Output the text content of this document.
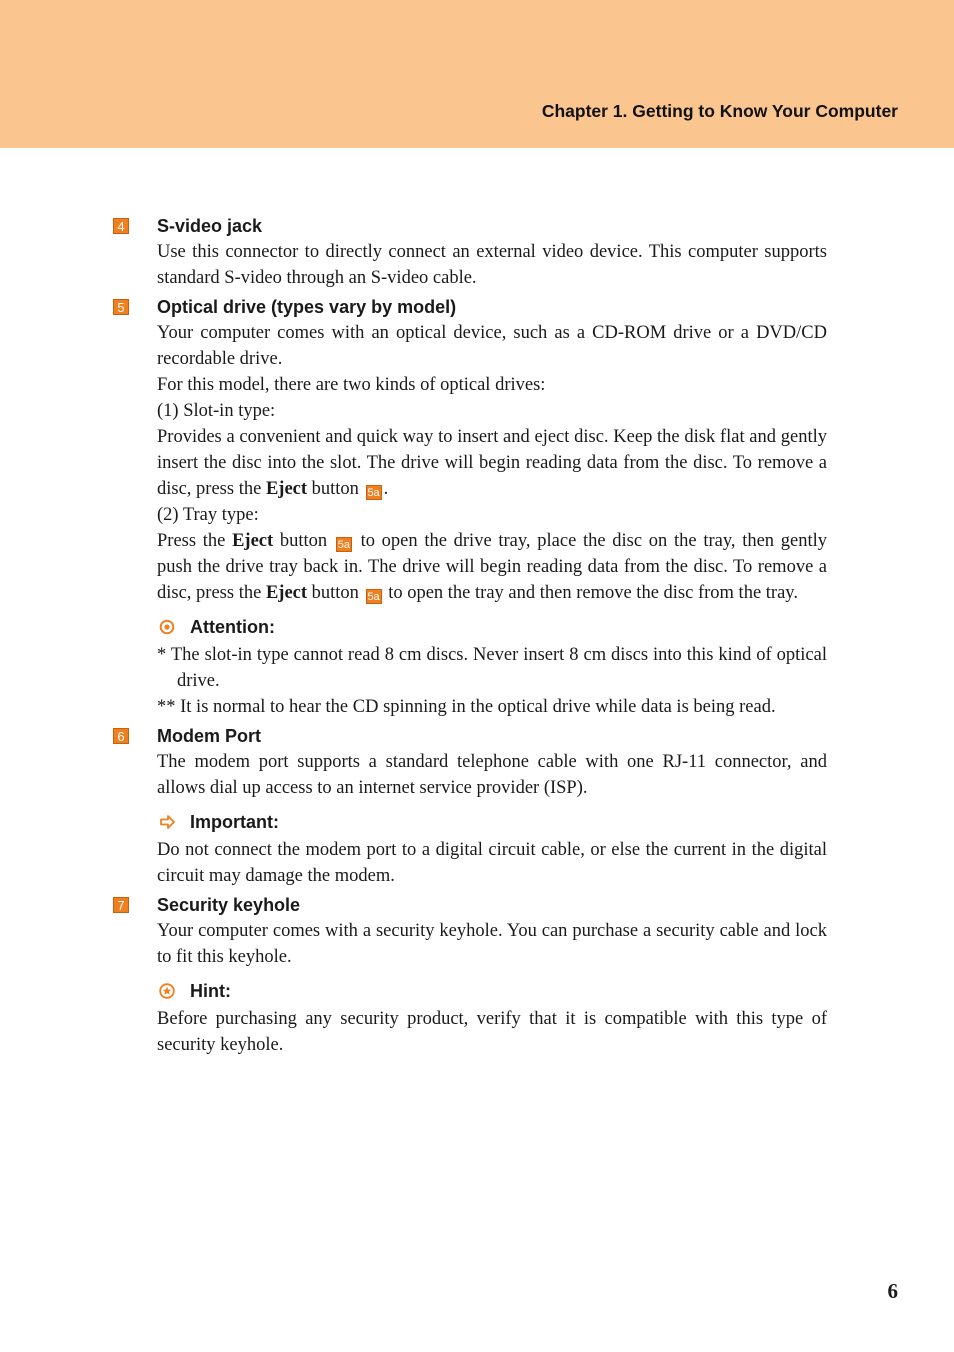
Chapter 1. Getting to Know Your Computer
4 S-video jack

Use this connector to directly connect an external video device. This computer supports standard S-video through an S-video cable.

5 Optical drive (types vary by model)

Your computer comes with an optical device, such as a CD-ROM drive or a DVD/CD recordable drive.

For this model, there are two kinds of optical drives:

(1) Slot-in type:

Provides a convenient and quick way to insert and eject disc. Keep the disk flat and gently insert the disc into the slot. The drive will begin reading data from the disc. To remove a disc, press the Eject button 5a .

(2) Tray type:

Press the Eject button 5a to open the drive tray, place the disc on the tray, then gently push the drive tray back in. The drive will begin reading data from the disc. To remove a disc, press the Eject button 5a to open the tray and then remove the disc from the tray.

Attention:
* The slot-in type cannot read 8 cm discs. Never insert 8 cm discs into this kind of optical drive.
** It is normal to hear the CD spinning in the optical drive while data is being read.
6 Modem Port

The modem port supports a standard telephone cable with one RJ-11 connector, and allows dial up access to an internet service provider (ISP).

Important:

Do not connect the modem port to a digital circuit cable, or else the current in the digital circuit may damage the modem.

7 Security keyhole

Your computer comes with a security keyhole. You can purchase a security cable and lock to fit this keyhole.

Hint:

Before purchasing any security product, verify that it is compatible with this type of security keyhole.

6
